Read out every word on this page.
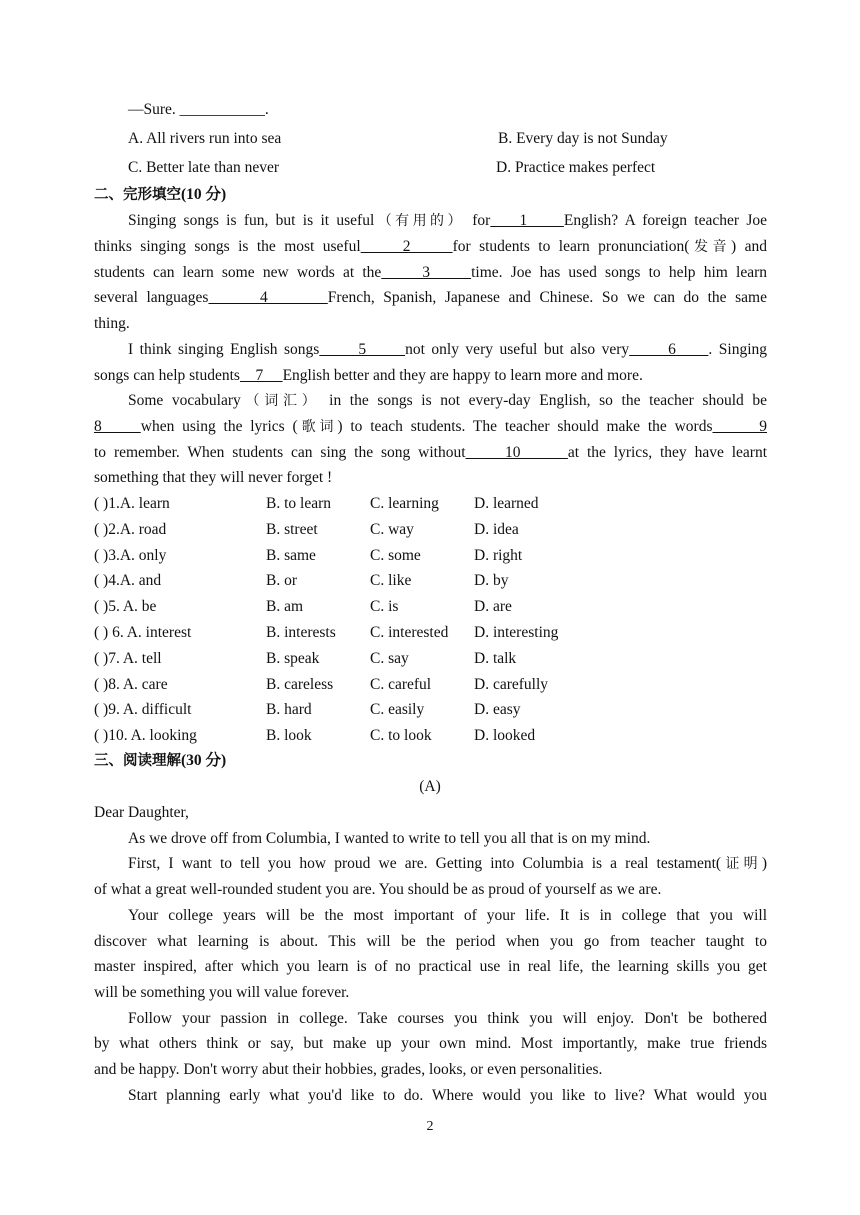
—Sure. ___________.
A. All rivers run into sea	B. Every day is not Sunday
C. Better late than never	D. Practice makes perfect
二、完形填空(10 分)
Singing songs is fun, but is it useful（有用的） for    1     English? A foreign teacher Joe
thinks singing songs is the most useful     2     for students to learn pronunciation(发音) and
students can learn some new words at the     3     time. Joe has used songs to help him learn
several languages      4       French, Spanish, Japanese and Chinese. So we can do the same
thing.
I think singing English songs      5      not only very useful but also very      6     . Singing
songs can help students    7     English better and they are happy to learn more and more.
Some vocabulary（词汇） in the songs is not every-day English, so the teacher should be
8     when using the lyrics (歌词) to teach students. The teacher should make the words      9
to remember. When students can sing the song without     10      at the lyrics, they have learnt
something that they will never forget !
( )1.A. learn	B. to learn	C. learning D. learned
( )2.A. road	B. street	C. way	D. idea
( )3.A. only	B. same	C. some	D. right
( )4.A. and	B. or	C. like	D. by
( )5. A. be	B. am	C. is	D. are
( ) 6. A. interest	B. interests C. interested D. interesting
( )7. A. tell	B. speak	C. say	D. talk
( )8. A. care	B. careless C. careful	D. carefully
( )9. A. difficult	B. hard	C. easily	D. easy
( )10. A. looking	B. look	C. to look	D. looked
三、阅读理解(30 分)
(A)
Dear Daughter,
As we drove off from Columbia, I wanted to write to tell you all that is on my mind.
First, I want to tell you how proud we are. Getting into Columbia is a real testament(证明)
of what a great well-rounded student you are. You should be as proud of yourself as we are.
Your college years will be the most important of your life. It is in college that you will
discover what learning is about. This will be the period when you go from teacher taught to
master inspired, after which you learn is of no practical use in real life, the learning skills you get
will be something you will value forever.
Follow your passion in college. Take courses you think you will enjoy. Don't be bothered
by what others think or say, but make up your own mind. Most importantly, make true friends
and be happy. Don't worry abut their hobbies, grades, looks, or even personalities.
Start planning early what you'd like to do. Where would you like to live? What would you
2
